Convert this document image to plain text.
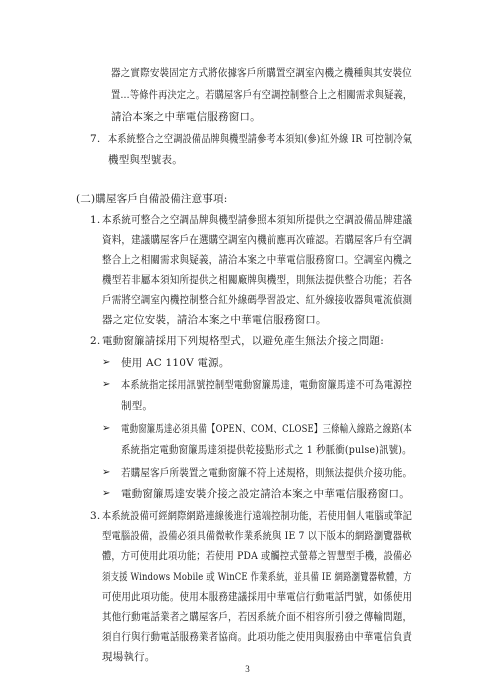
器之實際安裝固定方式將依據客戶所購置空調室內機之機種與其安裝位
置…等條件再決定之。若購屋客戶有空調控制整合上之相關需求與疑義，
請洽本案之中華電信服務窗口。
7. 本系統整合之空調設備品牌與機型請參考本須知(參)紅外線 IR 可控制冷氣
機型與型號表。
(二)購屋客戶自備設備注意事項:
1. 本系統可整合之空調品牌與機型請參照本須知所提供之空調設備品牌建議
資料，建議購屋客戶在選購空調室內機前應再次確認。若購屋客戶有空調
整合上之相關需求與疑義，請洽本案之中華電信服務窗口。空調室內機之
機型若非屬本須知所提供之相關廠牌與機型，則無法提供整合功能；若各
戶需將空調室內機控制整合紅外線碼學習設定、紅外線接收器與電流偵測
器之定位安裝，請洽本案之中華電信服務窗口。
2. 電動窗簾請採用下列規格型式，以避免產生無法介接之問題:
➢ 使用 AC 110V 電源。
➢ 本系統指定採用訊號控制型電動窗簾馬達，電動窗簾馬達不可為電源控
制型。
➢ 電動窗簾馬達必須具備【OPEN、COM、CLOSE】三條輸入線路之線路(本
系統指定電動窗簾馬達須提供乾接點形式之 1 秒脈衝(pulse)訊號)。
➢ 若購屋客戶所裝置之電動窗簾不符上述規格，則無法提供介接功能。
➢ 電動窗簾馬達安裝介接之設定請洽本案之中華電信服務窗口。
3. 本系統設備可經網際網路連線後進行遠端控制功能，若使用個人電腦或筆記
型電腦設備，設備必須具備微軟作業系統與 IE 7 以下版本的網路瀏覽器軟
體，方可使用此項功能；若使用 PDA 或觸控式螢幕之智慧型手機，設備必
須支援 Windows Mobile 或 WinCE 作業系統，並具備 IE 網路瀏覽器軟體，方
可使用此項功能。使用本服務建議採用中華電信行動電話門號，如係使用
其他行動電話業者之購屋客戶，若因系統介面不相容所引發之傳輸問題，
須自行與行動電話服務業者協商。此項功能之使用與服務由中華電信負責
現場執行。
3
